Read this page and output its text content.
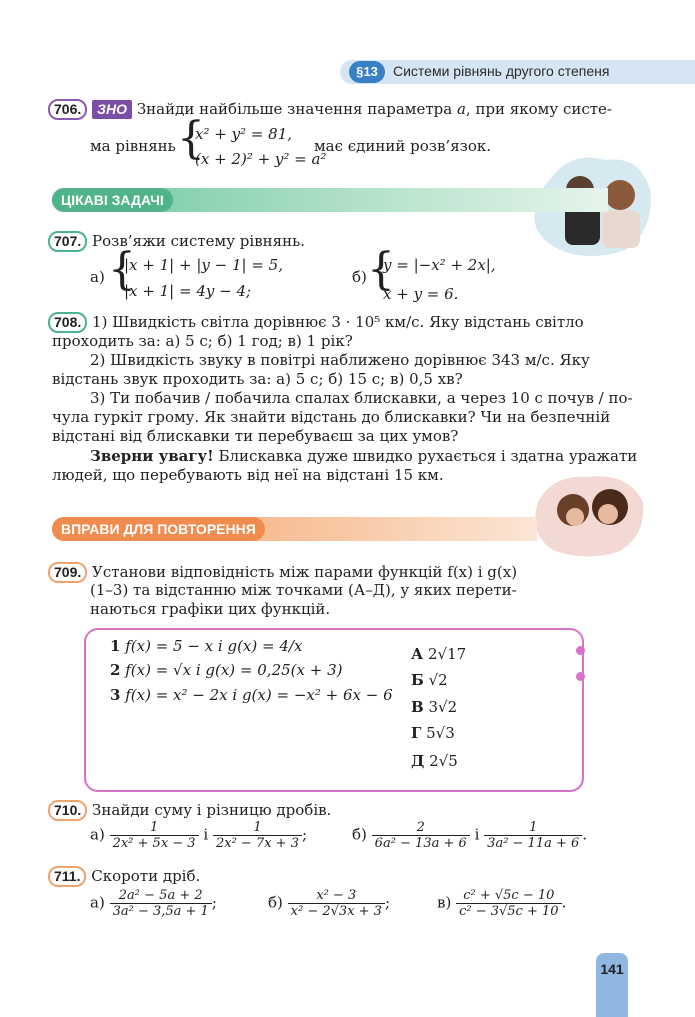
§13	Системи рівнянь другого степеня
706. ЗНО Знайди найбільше значення параметра a, при якому систе-
ма рівнянь {
x² + y² = 81,
(x + 2)² + y² = a²
має єдиний розв’язок.
ЦІКАВІ ЗАДАЧІ
707. Розв’яжи систему рівнянь.
а) {
|x + 1| + |y − 1| = 5,
|x + 1| = 4y − 4;
б) {
y = |−x² + 2x|,
x + y = 6.
708. 1) Швидкість світла дорівнює 3 · 10⁵ км/с. Яку відстань світло
проходить за: а) 5 с; б) 1 год; в) 1 рік?
2) Швидкість звуку в повітрі наближено дорівнює 343 м/с. Яку
відстань звук проходить за: а) 5 с; б) 15 с; в) 0,5 хв?
3) Ти побачив / побачила спалах блискавки, а через 10 с почув / по-
чула гуркіт грому. Як знайти відстань до блискавки? Чи на безпечній
відстані від блискавки ти перебуваєш за цих умов?
Зверни увагу! Блискавка дуже швидко рухається і здатна уражати
людей, що перебувають від неї на відстані 15 км.
ВПРАВИ ДЛЯ ПОВТОРЕННЯ
709. Установи відповідність між парами функцій f(x) і g(x)
(1–3) та відстанню між точками (А–Д), у яких перети-
наються графіки цих функцій.
1 f(x) = 5 − x і g(x) = 4/x
2 f(x) = √x і g(x) = 0,25(x + 3)
3 f(x) = x² − 2x і g(x) = −x² + 6x − 6
А 2√17
Б √2
В 3√2
Г 5√3
Д 2√5
710. Знайди суму і різницю дробів.
$а) \frac{1}{\text{2x² + 5x − 3}}$ і $\frac{1}{\text{2x² − 7x + 3}}$ ;	$б) \frac{2}{\text{6a² − 13a + 6}}$ і $\frac{1}{\text{3a² − 11a + 6}}$ .
711. Скороти дріб.
$а) \frac{\text{2a² − 5a + 2}}{\text{3a² − 3,5a + 1}}$ ;	$б) \frac{\text{x² − 3}}{\text{x² − 2√3x + 3}}$ ;	$в) \frac{\text{c² + √5c − 10}}{\text{c² − 3√5c + 10}}$ .
141
